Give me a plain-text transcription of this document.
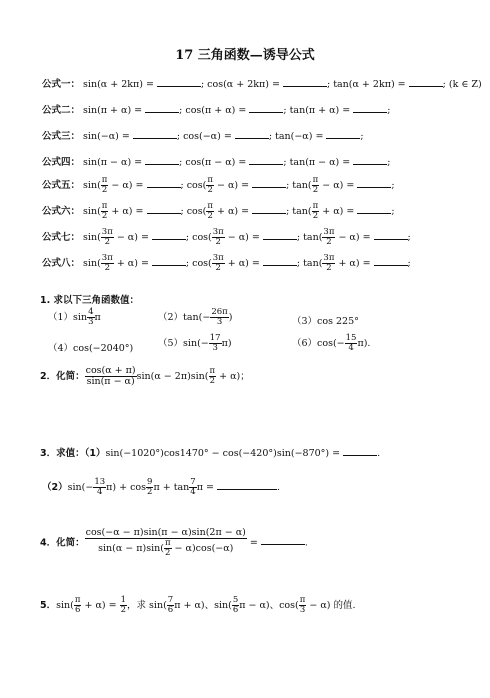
17 三角函数—诱导公式
公式一： sin(α + 2kπ) =	; cos(α + 2kπ) =	; tan(α + 2kπ) =	; (k ∈ Z)
公式二： sin(π + α) =	; cos(π + α) =	; tan(π + α) =	;
公式三： sin(−α) =	; cos(−α) =	; tan(−α) =	;
公式四： sin(π − α) =	; cos(π − α) =	; tan(π − α) =	;
公式五： $\sin( \frac{\pi}{2} - \alpha)$ =	; $\cos( \frac{\pi}{2} - \alpha)$ =	; $\tan( \frac{\pi}{2} - \alpha)$ =	;
公式六： $\sin( \frac{\pi}{2} + \alpha)$ =	; $\cos( \frac{\pi}{2} + \alpha)$ =	; $\tan( \frac{\pi}{2} + \alpha)$ =	;
公式七： $\sin( \frac{3\pi}{2} - \alpha)$ =	; $\cos( \frac{3\pi}{2} - \alpha)$ =	; $\tan( \frac{3\pi}{2} - \alpha)$ =	;
公式八： $\sin( \frac{3\pi}{2} + \alpha)$ =	; $\cos( \frac{3\pi}{2} + \alpha)$ =	; $\tan( \frac{3\pi}{2} + \alpha)$ =	;
1. 求以下三角函数值：
$(1)\sin \frac{4}{3}$ π	$(2)\tan(- \frac{26\pi}{3}$ )	（3）cos 225°
（4）cos(−2040°)	$(5)\sin(- \frac{17}{3} \pi)$	$(6)\cos(- \frac{15}{4} \pi)$.
2．化简： $\frac{\cos(\alpha + \pi)}{\sin(\pi - \alpha)} \sin(\alpha - 2\pi)\sin( \frac{\pi}{2} + \alpha)$；
3．求值：（1）sin(−1020°)cos1470° − cos(−420°)sin(−870°) =	.
$(2)\sin(- \frac{13}{4} \pi) + \cos \frac{9}{2}$ $\pi + \tan \frac{7}{4}$ π =	.
4．化简： $\frac{\cos(-\alpha - \pi)\sin(\pi - \alpha)\sin(2\pi - \alpha)}{\sin(\alpha - \pi)\sin( \frac{\pi}{2} - \alpha)\cos(-\alpha)}$ =	.
5．$\sin( \frac{\pi}{6} + \alpha) = \frac{1}{2}$ ，求 $\sin( \frac{7}{6}$ π + α)、$\sin( \frac{5}{6}$ π − α)、$\cos( \frac{\pi}{3} - \alpha)$ 的值.
